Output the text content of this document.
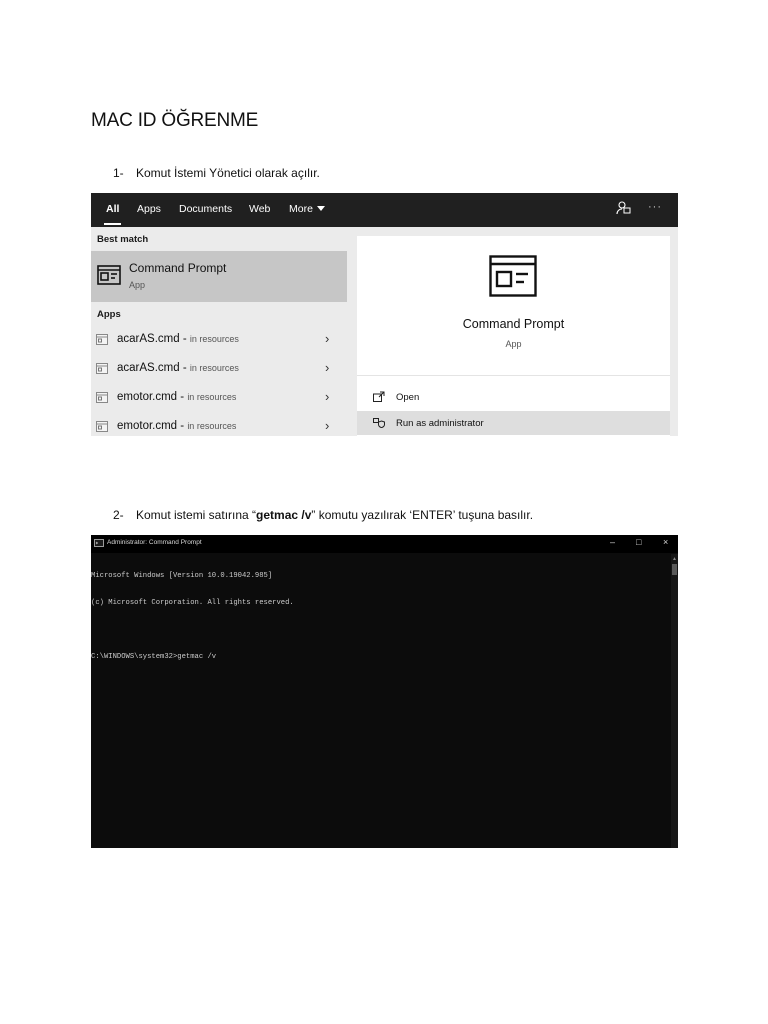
MAC ID ÖĞRENME
1- Komut İstemi Yönetici olarak açılır.
All Apps Documents Web More	···
Best match
Command Prompt
App
Apps
acarAS.cmd - in resources	›
acarAS.cmd - in resources	›
emotor.cmd - in resources	›
emotor.cmd - in resources	›
Command Prompt
App
Open
Run as administrator
2- Komut istemi satırına “getmac /v” komutu yazılırak ‘ENTER’ tuşuna basılır.
Administrator: Command Prompt	– □ ×

Microsoft Windows [Version 10.0.19042.985]

(c) Microsoft Corporation. All rights reserved.

C:\WINDOWS\system32>getmac /v

▲
